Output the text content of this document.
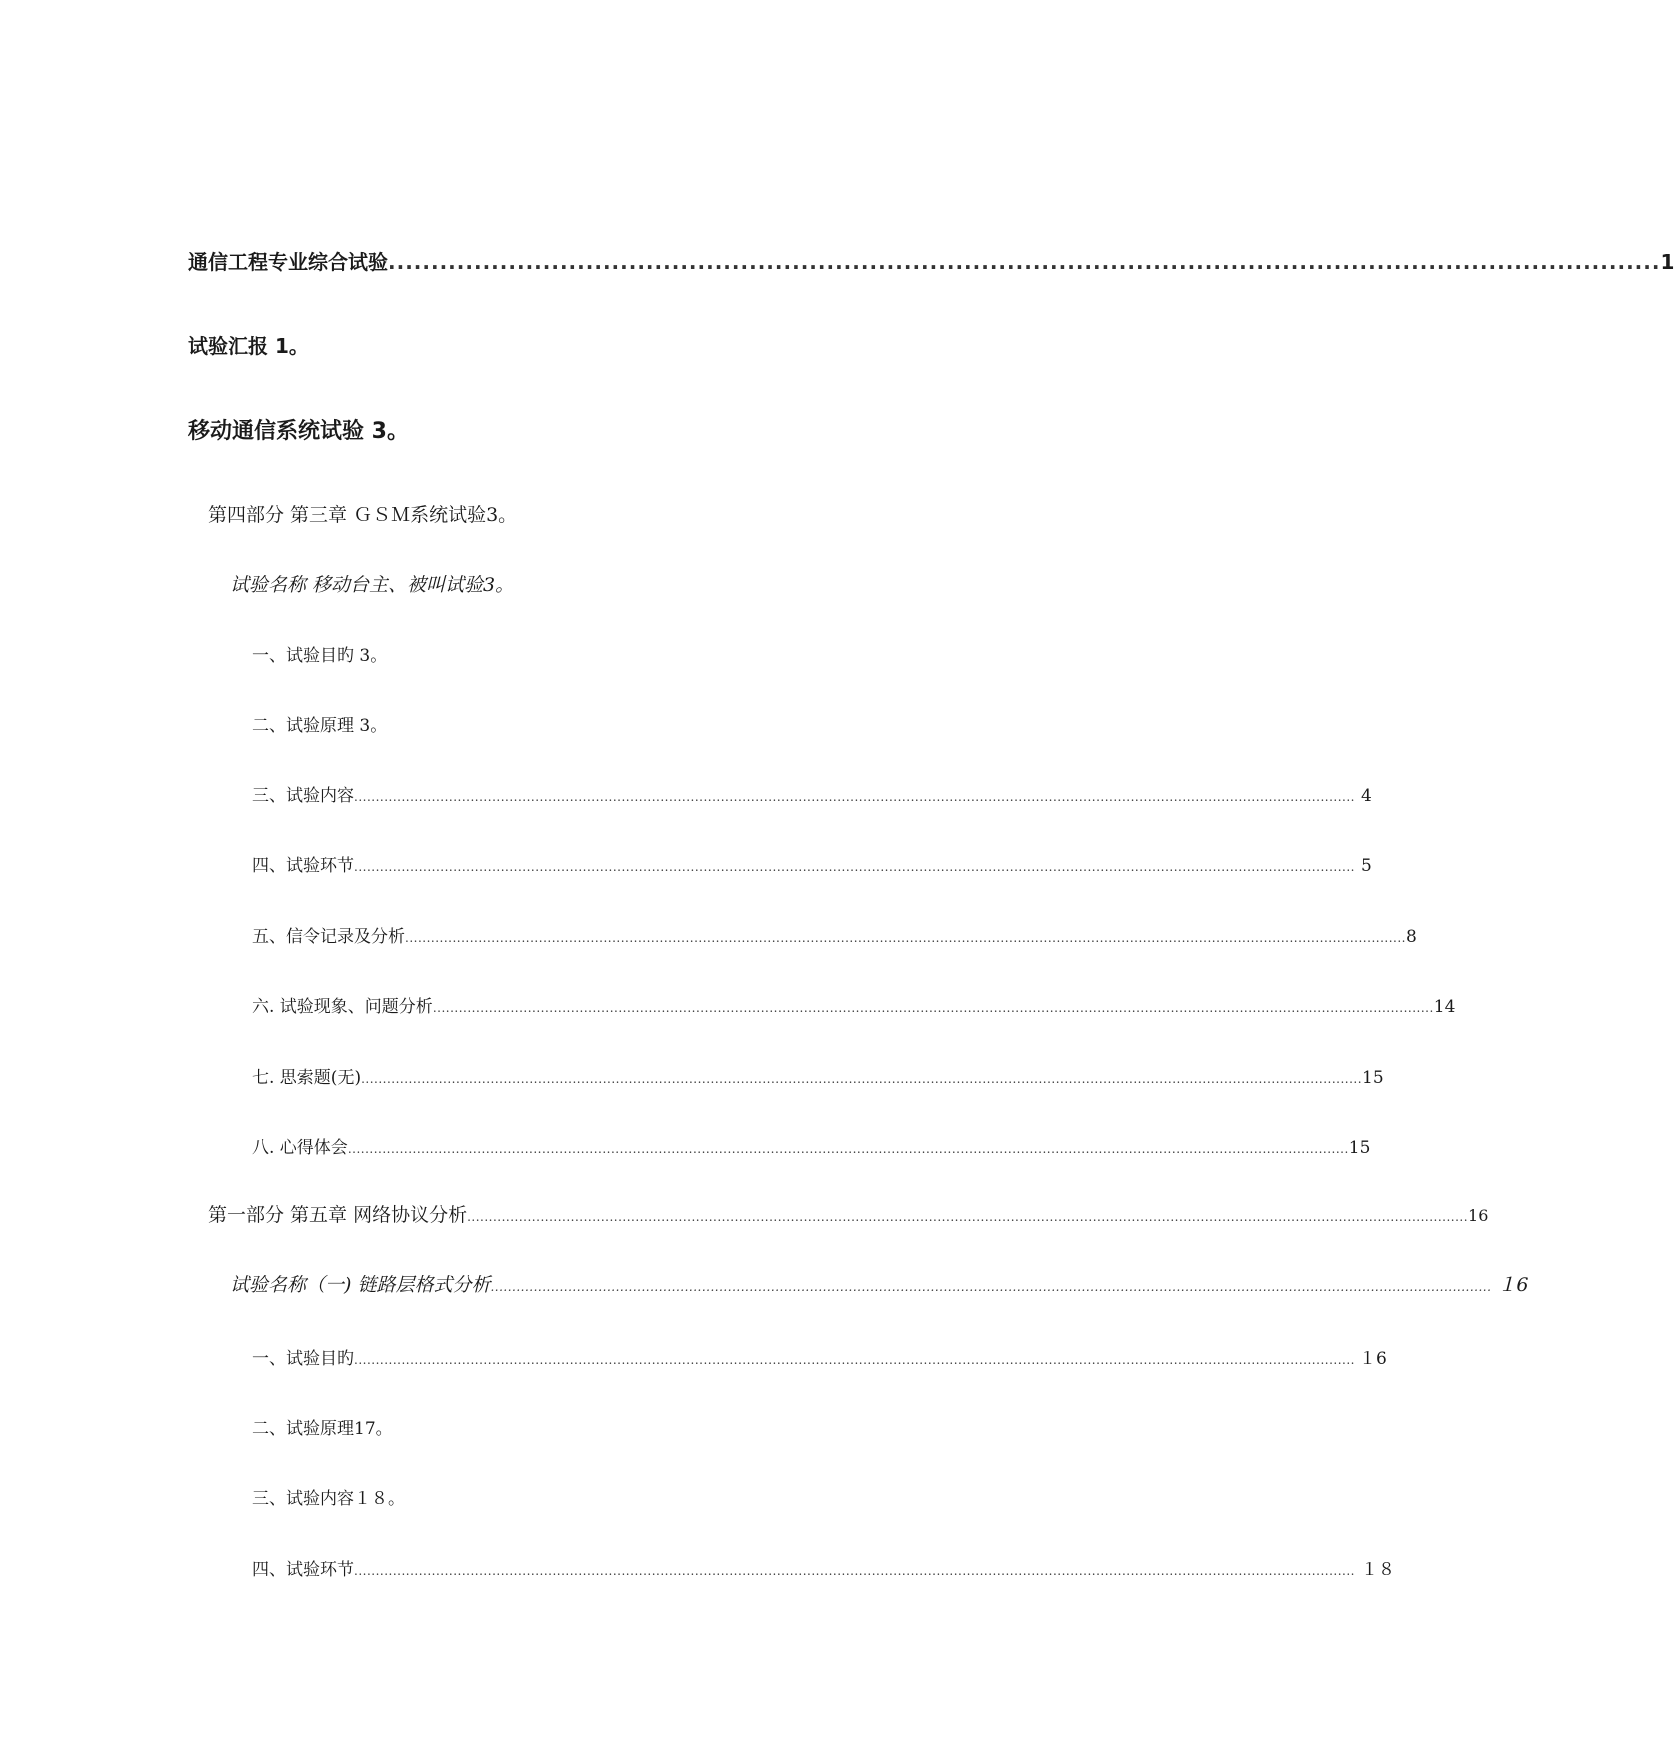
通信工程专业综合试验 .................................................................................................................................................... 1
试验汇报 1。
移动通信系统试验 3。
第四部分 第三章 ＧＳＭ系统试验3。
试验名称 移动台主、被叫试验3。
一、试验目旳 3。
二、试验原理 3。
三、试验内容 ........................................................................................................................................................................................................................................ 4
四、试验环节 ........................................................................................................................................................................................................................................ 5
五、信令记录及分析 ........................................................................................................................................................................................................................................ 8
六. 试验现象、问题分析 ........................................................................................................................................................................................................................................ 14
七. 思索题(无) ........................................................................................................................................................................................................................................ 15
八. 心得体会 ........................................................................................................................................................................................................................................ 15
第一部分 第五章 网络协议分析 ........................................................................................................................................................................................................................................ 16
试验名称（一) 链路层格式分析 ........................................................................................................................................................................................................................................ １6
一、试验目旳 ........................................................................................................................................................................................................................................ １6
二、试验原理17。
三、试验内容１８。
四、试验环节 ........................................................................................................................................................................................................................................ １８
